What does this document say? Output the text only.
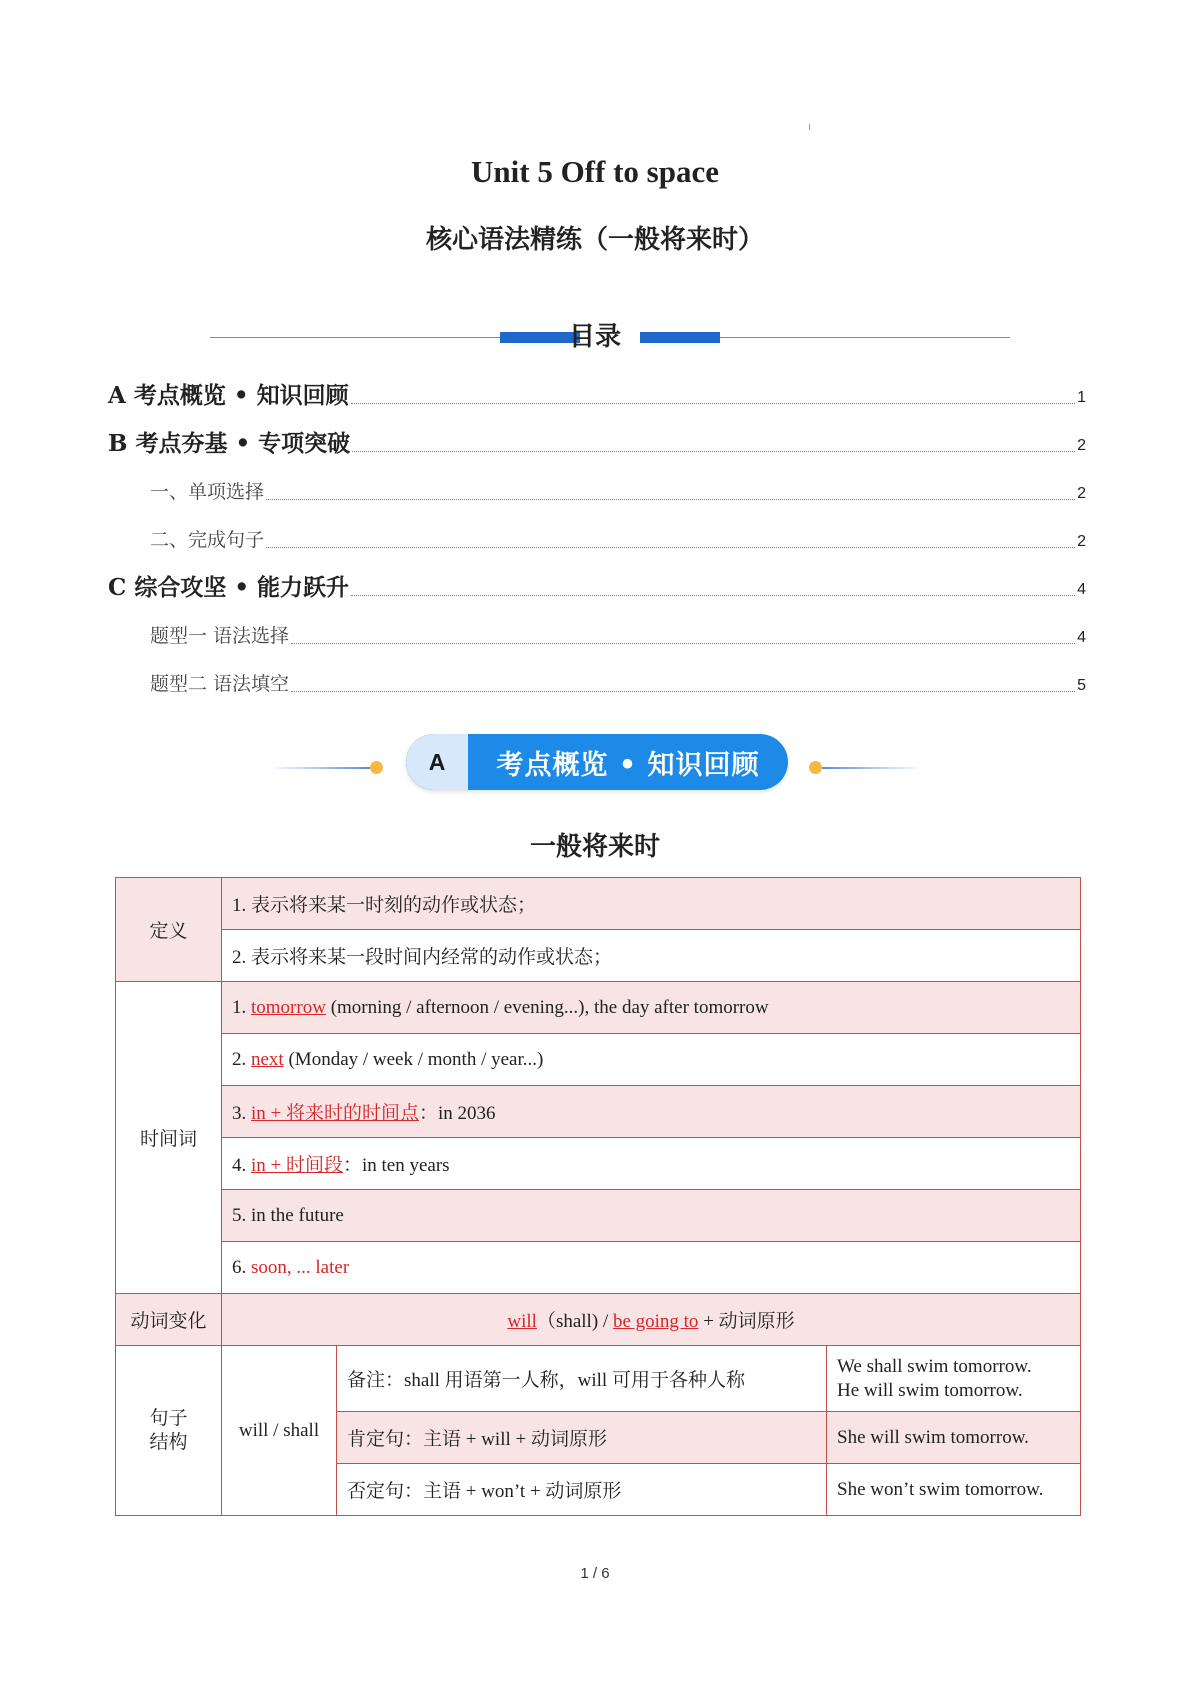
Unit 5 Off to space
核心语法精练（一般将来时）
目录
A 考点概览 • 知识回顾	1
B 考点夯基 • 专项突破	2
一、单项选择	2
二、完成句子	2
C 综合攻坚 • 能力跃升	4
题型一 语法选择	4
题型二 语法填空	5
A	考点概览 • 知识回顾
一般将来时
定义	1. 表示将来某一时刻的动作或状态；		
	2. 表示将来某一段时间内经常的动作或状态；		
时间词	1. tomorrow (morning / afternoon / evening...), the day after tomorrow		
	2. next (Monday / week / month / year...)		
	3. in + 将来时的时间点：in 2036		
	4. in + 时间段：in ten years		
	5. in the future		
	6. soon, ... later		
动词变化	will（shall) / be going to + 动词原形		

句子
结构	will / shall	备注：shall 用语第一人称，will 可用于各种人称	We shall swim tomorrow.
He will swim tomorrow.

		肯定句：主语 + will + 动词原形	She will swim tomorrow.
		否定句：主语 + won’t + 动词原形	She won’t swim tomorrow.
1 / 6
